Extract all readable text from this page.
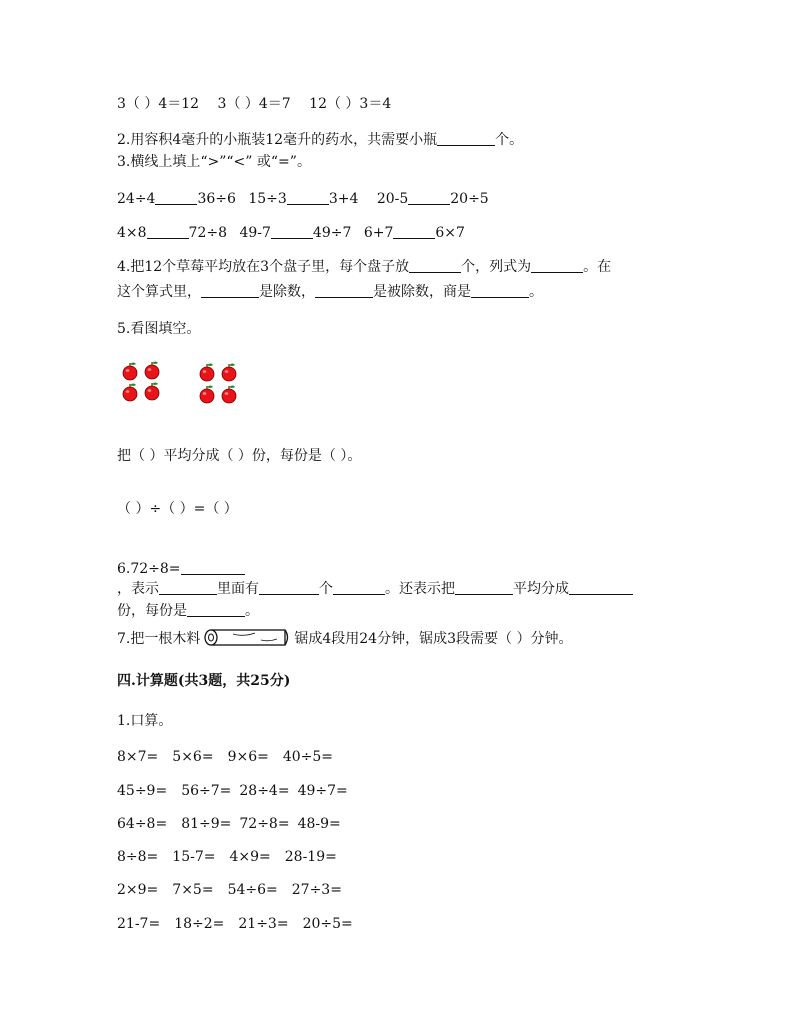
3（ ）4＝12 3（ ）4＝7 12（ ）3＝4
2.用容积4毫升的小瓶装12毫升的药水，共需要小瓶	个。
3.横线上填上“>”“<” 或“=”。
24÷4	36÷6 15÷3	3+4 20-5	20÷5
4×8	72÷8 49-7	49÷7 6+7	6×7
4.把12个草莓平均放在3个盘子里，每个盘子放	个，列式为	。在
这个算式里，	是除数，	是被除数，商是	。
5.看图填空。
把（ ）平均分成（ ）份，每份是（ ）。
（ ）÷（ ）=（ ）
6.72÷8=
，表示	里面有	个	。还表示把	平均分成
份，每份是	。
7.把一根木料	锯成4段用24分钟，锯成3段需要（ ）分钟。
四.计算题(共3题，共25分)
1.口算。
8×7= 5×6= 9×6= 40÷5=
45÷9= 56÷7= 28÷4= 49÷7=
64÷8= 81÷9= 72÷8= 48-9=
8÷8= 15-7= 4×9= 28-19=
2×9= 7×5= 54÷6= 27÷3=
21-7= 18÷2= 21÷3= 20÷5=
